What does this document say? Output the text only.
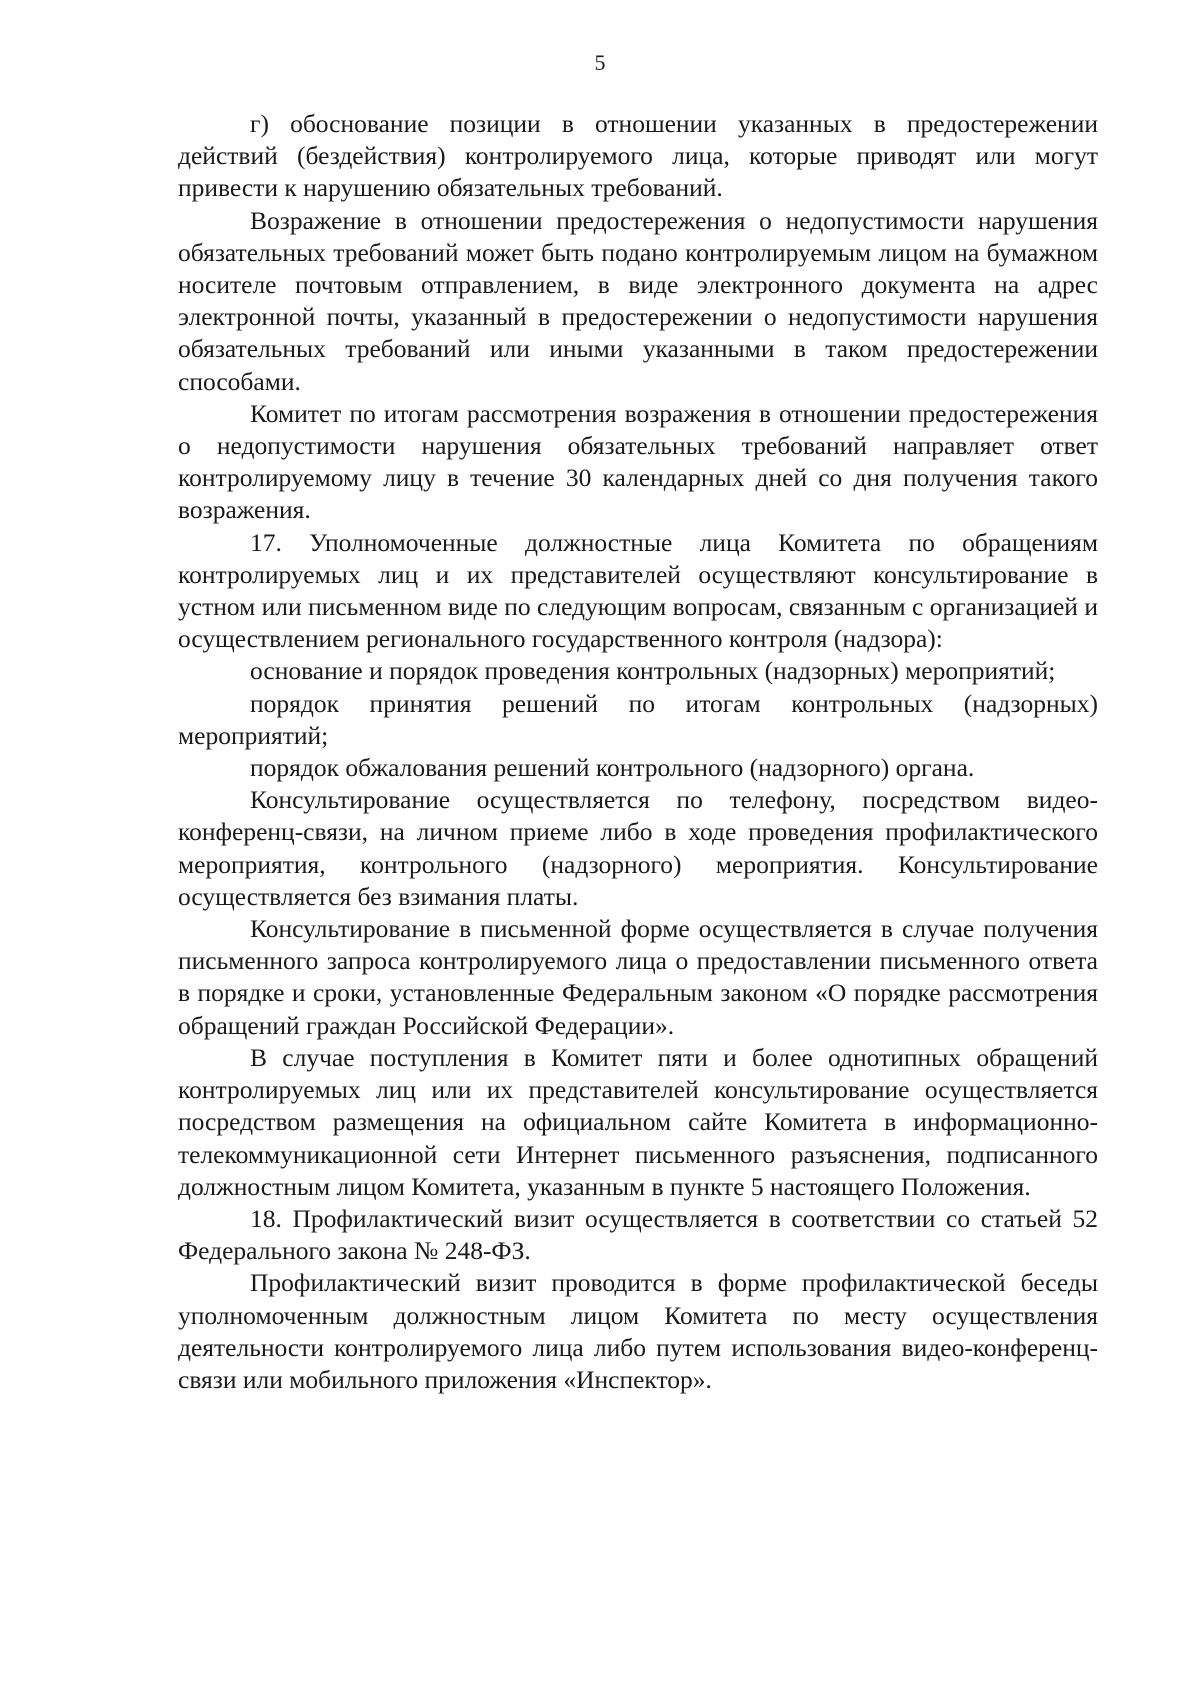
5

г) обоснование позиции в отношении указанных в предостережении действий (бездействия) контролируемого лица, которые приводят или могут привести к нарушению обязательных требований.

Возражение в отношении предостережения о недопустимости нарушения обязательных требований может быть подано контролируемым лицом на бумажном носителе почтовым отправлением, в виде электронного документа на адрес электронной почты, указанный в предостережении о недопустимости нарушения обязательных требований или иными указанными в таком предостережении способами.

Комитет по итогам рассмотрения возражения в отношении предостережения о недопустимости нарушения обязательных требований направляет ответ контролируемому лицу в течение 30 календарных дней со дня получения такого возражения.

17. Уполномоченные должностные лица Комитета по обращениям контролируемых лиц и их представителей осуществляют консультирование в устном или письменном виде по следующим вопросам, связанным с организацией и осуществлением регионального государственного контроля (надзора):

основание и порядок проведения контрольных (надзорных) мероприятий;

порядок принятия решений по итогам контрольных (надзорных) мероприятий;

порядок обжалования решений контрольного (надзорного) органа.

Консультирование осуществляется по телефону, посредством видео-конференц-связи, на личном приеме либо в ходе проведения профилактического мероприятия, контрольного (надзорного) мероприятия. Консультирование осуществляется без взимания платы.

Консультирование в письменной форме осуществляется в случае получения письменного запроса контролируемого лица о предоставлении письменного ответа в порядке и сроки, установленные Федеральным законом «О порядке рассмотрения обращений граждан Российской Федерации».

В случае поступления в Комитет пяти и более однотипных обращений контролируемых лиц или их представителей консультирование осуществляется посредством размещения на официальном сайте Комитета в информационно-телекоммуникационной сети Интернет письменного разъяснения, подписанного должностным лицом Комитета, указанным в пункте 5 настоящего Положения.

18. Профилактический визит осуществляется в соответствии со статьей 52 Федерального закона № 248-ФЗ.

Профилактический визит проводится в форме профилактической беседы уполномоченным должностным лицом Комитета по месту осуществления деятельности контролируемого лица либо путем использования видео-конференц-связи или мобильного приложения «Инспектор».
